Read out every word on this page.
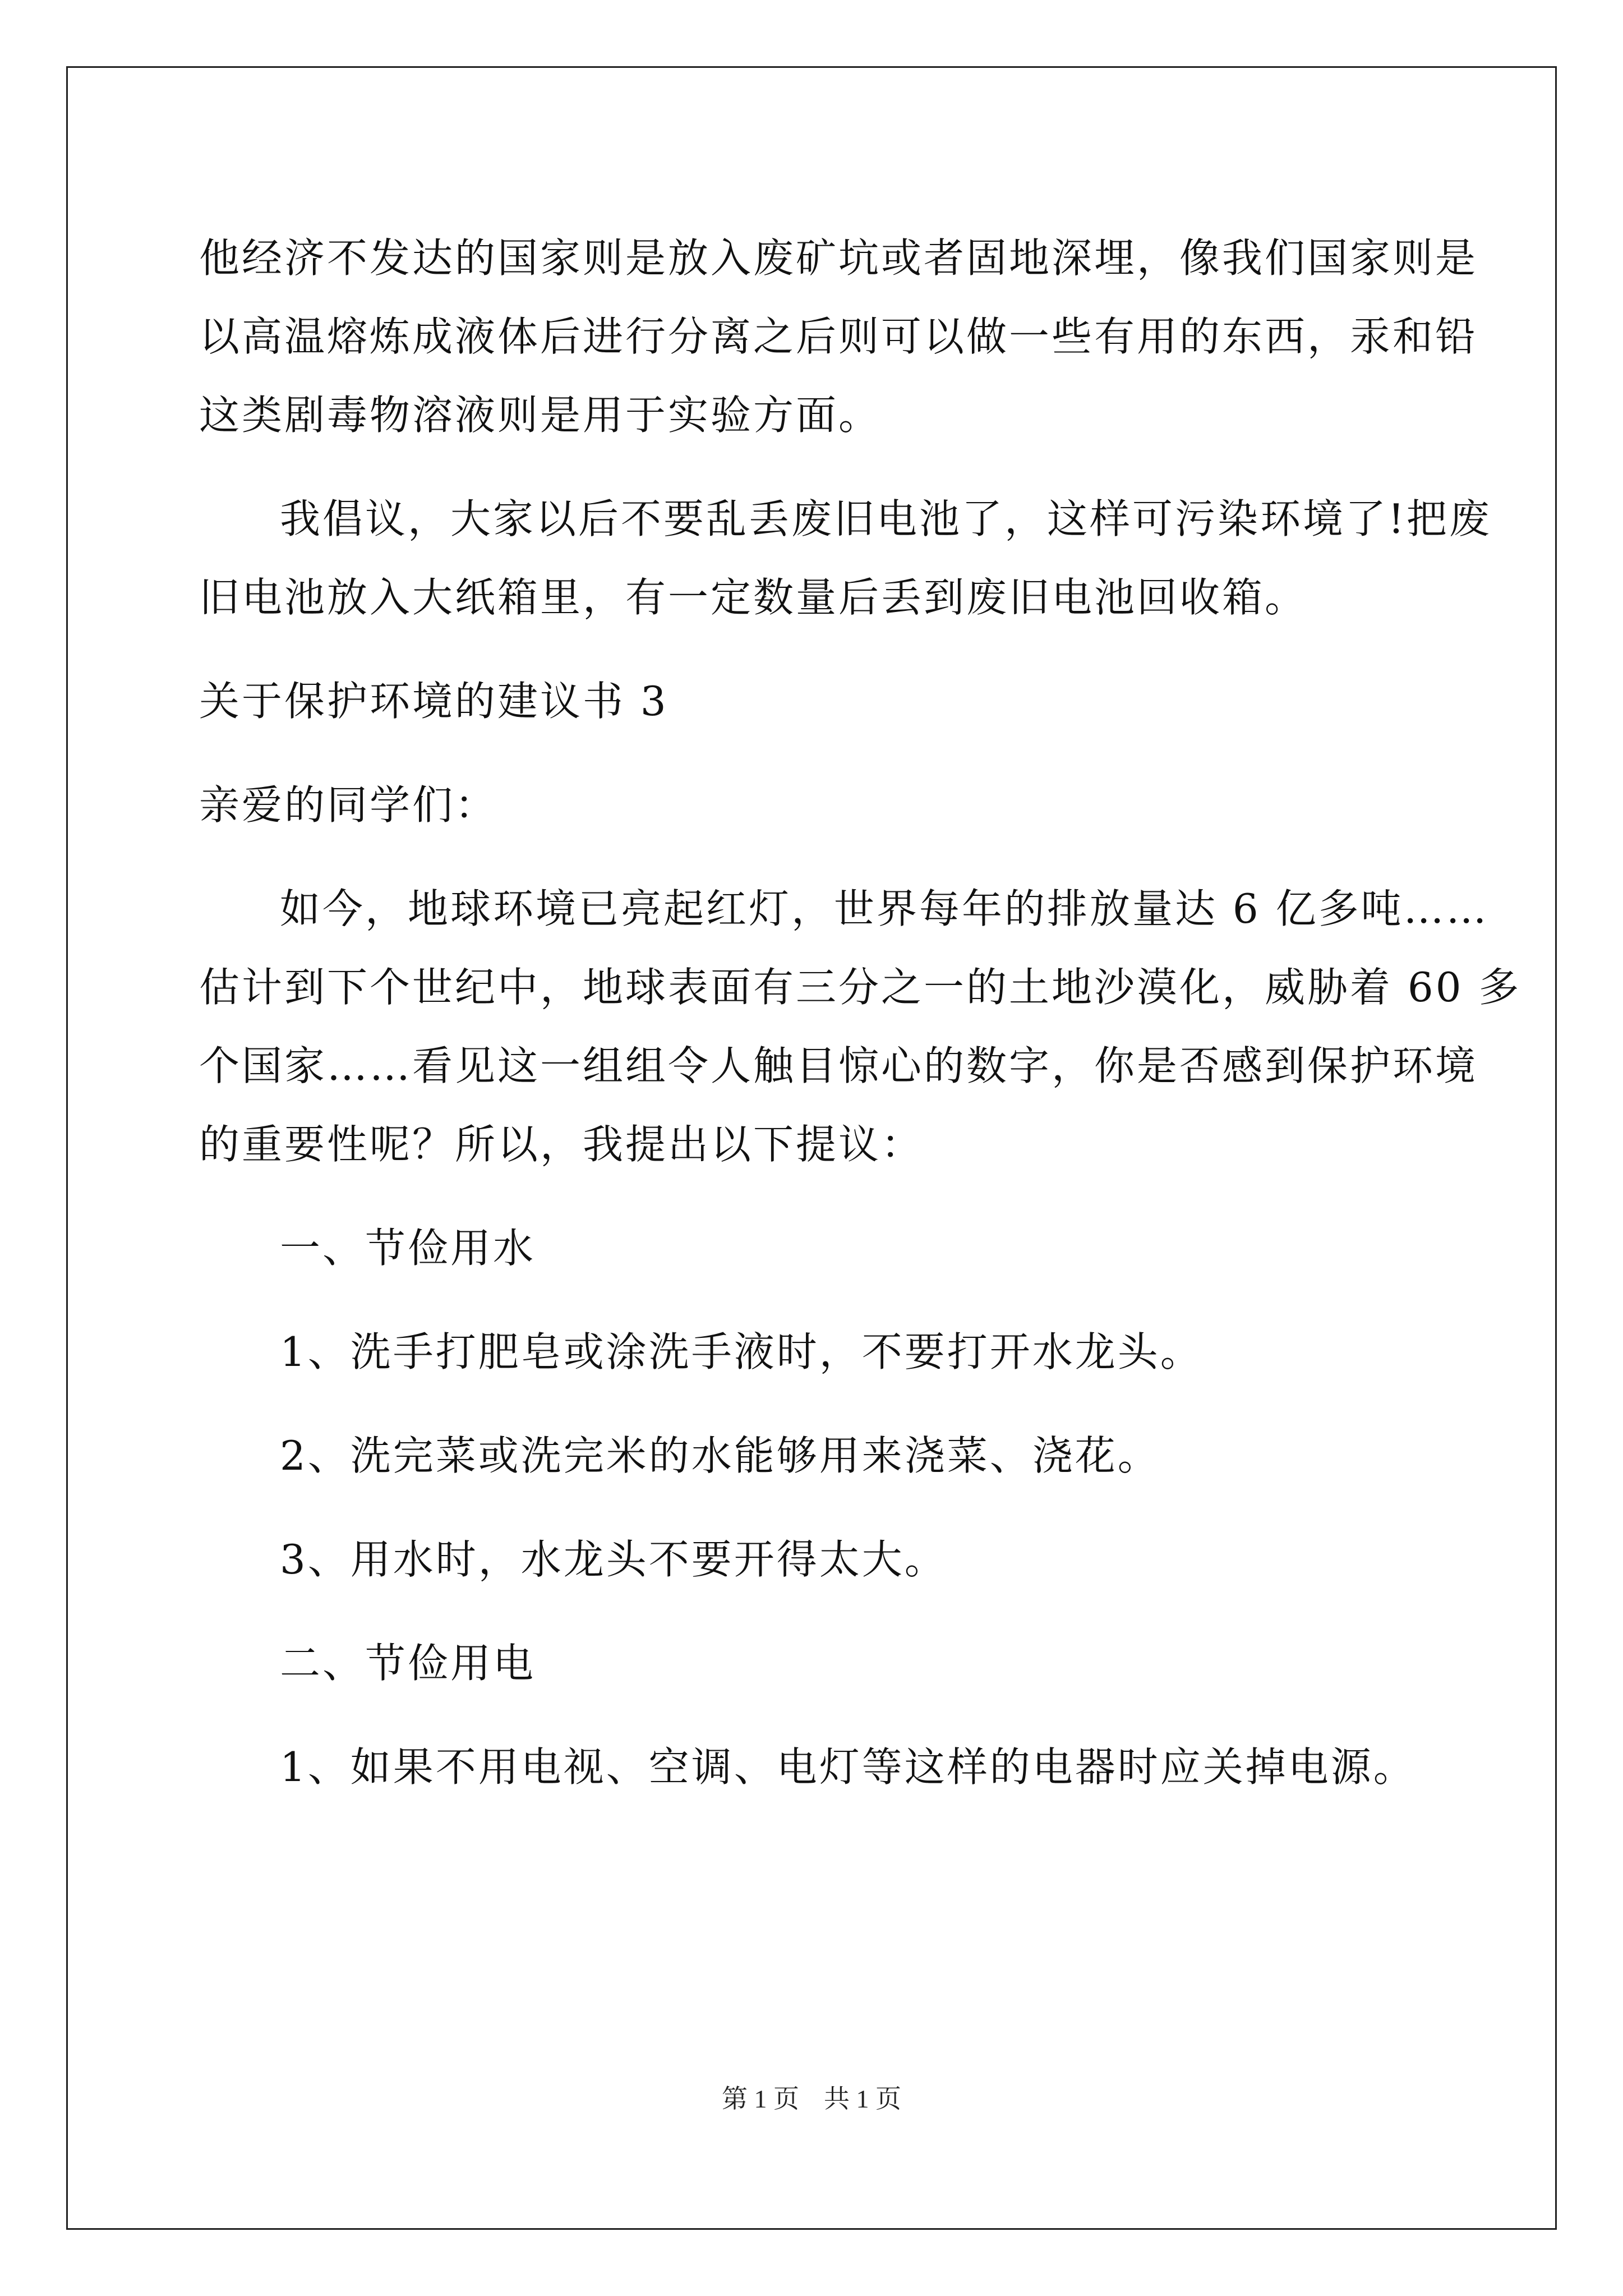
他经济不发达的国家则是放入废矿坑或者固地深埋，像我们国家则是
以高温熔炼成液体后进行分离之后则可以做一些有用的东西，汞和铅
这类剧毒物溶液则是用于实验方面。
我倡议，大家以后不要乱丢废旧电池了，这样可污染环境了!把废
旧电池放入大纸箱里，有一定数量后丢到废旧电池回收箱。
关于保护环境的建议书 3
亲爱的同学们：
如今，地球环境已亮起红灯，世界每年的排放量达 6 亿多吨……
估计到下个世纪中，地球表面有三分之一的土地沙漠化，威胁着 60 多
个国家……看见这一组组令人触目惊心的数字，你是否感到保护环境
的重要性呢？所以，我提出以下提议：
一、节俭用水
1、洗手打肥皂或涂洗手液时，不要打开水龙头。
2、洗完菜或洗完米的水能够用来浇菜、浇花。
3、用水时，水龙头不要开得太大。
二、节俭用电
1、如果不用电视、空调、电灯等这样的电器时应关掉电源。
第 1 页 共 1 页
